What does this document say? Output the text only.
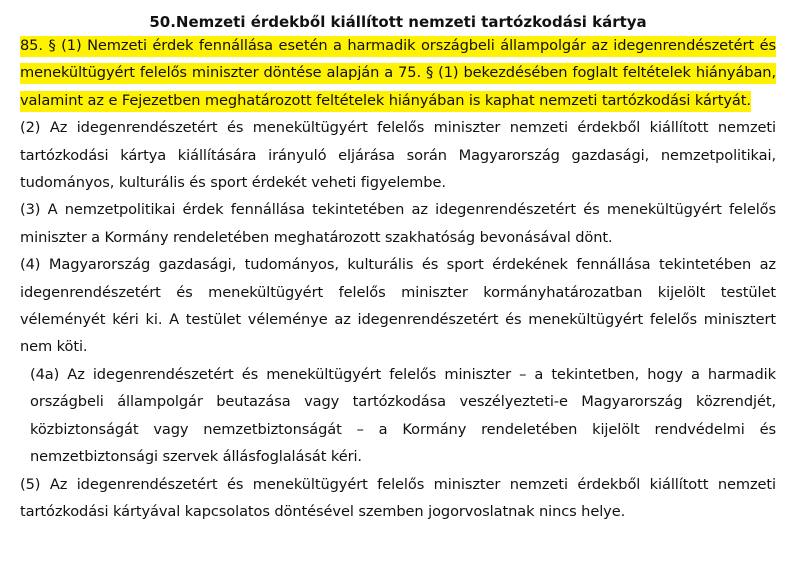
50.Nemzeti érdekből kiállított nemzeti tartózkodási kártya

85. § (1) Nemzeti érdek fennállása esetén a harmadik országbeli állampolgár az idegenrendészetért és menekültügyért felelős miniszter döntése alapján a 75. § (1) bekezdésében foglalt feltételek hiányában, valamint az e Fejezetben meghatározott feltételek hiányában is kaphat nemzeti tartózkodási kártyát.

(2) Az idegenrendészetért és menekültügyért felelős miniszter nemzeti érdekből kiállított nemzeti tartózkodási kártya kiállítására irányuló eljárása során Magyarország gazdasági, nemzetpolitikai, tudományos, kulturális és sport érdekét veheti figyelembe.

(3) A nemzetpolitikai érdek fennállása tekintetében az idegenrendészetért és menekültügyért felelős miniszter a Kormány rendeletében meghatározott szakhatóság bevonásával dönt.

(4) Magyarország gazdasági, tudományos, kulturális és sport érdekének fennállása tekintetében az idegenrendészetért és menekültügyért felelős miniszter kormányhatározatban kijelölt testület véleményét kéri ki. A testület véleménye az idegenrendészetért és menekültügyért felelős minisztert nem köti.

(4a) Az idegenrendészetért és menekültügyért felelős miniszter – a tekintetben, hogy a harmadik országbeli állampolgár beutazása vagy tartózkodása veszélyezteti-e Magyarország közrendjét, közbiztonságát vagy nemzetbiztonságát – a Kormány rendeletében kijelölt rendvédelmi és nemzetbiztonsági szervek állásfoglalását kéri.

(5) Az idegenrendészetért és menekültügyért felelős miniszter nemzeti érdekből kiállított nemzeti tartózkodási kártyával kapcsolatos döntésével szemben jogorvoslatnak nincs helye.
